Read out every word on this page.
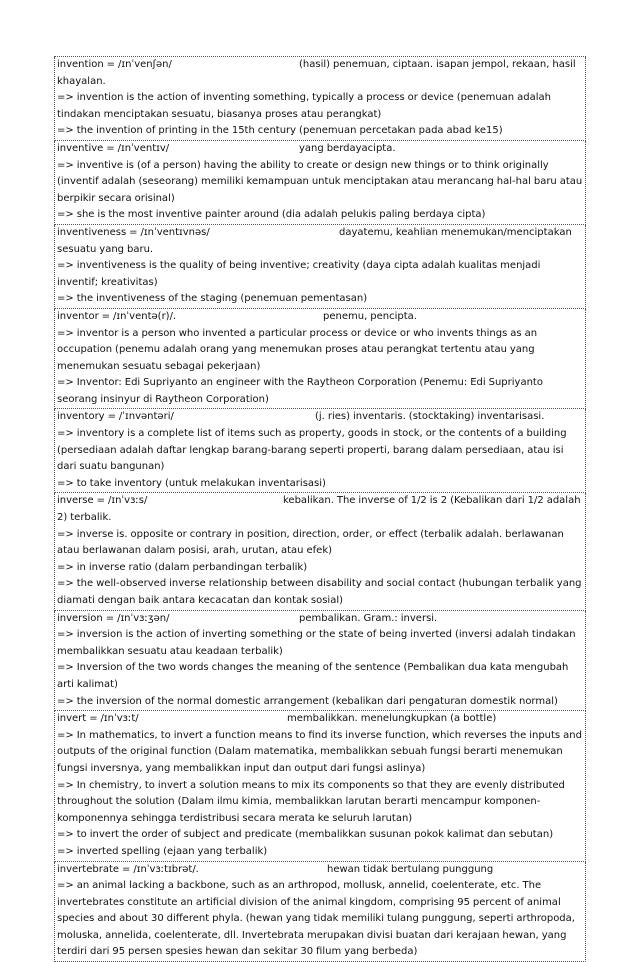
invention = /ɪnˈvenʃən/	(hasil) penemuan, ciptaan. isapan jempol, rekaan, hasil khayalan.
=> invention is the action of inventing something, typically a process or device (penemuan adalah tindakan menciptakan sesuatu, biasanya proses atau perangkat)
=> the invention of printing in the 15th century (penemuan percetakan pada abad ke15)
inventive = /ɪnˈventɪv/	yang berdayacipta.
=> inventive is (of a person) having the ability to create or design new things or to think originally (inventif adalah (seseorang) memiliki kemampuan untuk menciptakan atau merancang hal-hal baru atau berpikir secara orisinal)
=> she is the most inventive painter around (dia adalah pelukis paling berdaya cipta)
inventiveness = /ɪnˈventɪvnəs/	dayatemu, keahlian menemukan/menciptakan sesuatu yang baru.
=> inventiveness is the quality of being inventive; creativity (daya cipta adalah kualitas menjadi inventif; kreativitas)
=> the inventiveness of the staging (penemuan pementasan)
inventor = /ɪnˈventə(r)/.	penemu, pencipta.
=> inventor is a person who invented a particular process or device or who invents things as an occupation (penemu adalah orang yang menemukan proses atau perangkat tertentu atau yang menemukan sesuatu sebagai pekerjaan)
=> Inventor: Edi Supriyanto an engineer with the Raytheon Corporation (Penemu: Edi Supriyanto seorang insinyur di Raytheon Corporation)
inventory = /ˈɪnvəntəri/	(j. ries) inventaris. (stocktaking) inventarisasi.
=> inventory is a complete list of items such as property, goods in stock, or the contents of a building (persediaan adalah daftar lengkap barang-barang seperti properti, barang dalam persediaan, atau isi dari suatu bangunan)
=> to take inventory (untuk melakukan inventarisasi)
inverse = /ɪnˈvɜːs/	kebalikan. The inverse of 1/2 is 2 (Kebalikan dari 1/2 adalah 2) terbalik.
=> inverse is. opposite or contrary in position, direction, order, or effect (terbalik adalah. berlawanan atau berlawanan dalam posisi, arah, urutan, atau efek)
=> in inverse ratio (dalam perbandingan terbalik)
=> the well-observed inverse relationship between disability and social contact (hubungan terbalik yang diamati dengan baik antara kecacatan dan kontak sosial)
inversion = /ɪnˈvɜːʒən/	pembalikan. Gram.: inversi.
=> inversion is the action of inverting something or the state of being inverted (inversi adalah tindakan membalikkan sesuatu atau keadaan terbalik)
=> Inversion of the two words changes the meaning of the sentence (Pembalikan dua kata mengubah arti kalimat)
=> the inversion of the normal domestic arrangement (kebalikan dari pengaturan domestik normal)
invert = /ɪnˈvɜːt/	membalikkan. menelungkupkan (a bottle)
=> In mathematics, to invert a function means to find its inverse function, which reverses the inputs and outputs of the original function (Dalam matematika, membalikkan sebuah fungsi berarti menemukan fungsi inversnya, yang membalikkan input dan output dari fungsi aslinya)
=> In chemistry, to invert a solution means to mix its components so that they are evenly distributed throughout the solution (Dalam ilmu kimia, membalikkan larutan berarti mencampur komponen-komponennya sehingga terdistribusi secara merata ke seluruh larutan)
=> to invert the order of subject and predicate (membalikkan susunan pokok kalimat dan sebutan)
=> inverted spelling (ejaan yang terbalik)
invertebrate = /ɪnˈvɜːtɪbrət/.	hewan tidak bertulang punggung
=> an animal lacking a backbone, such as an arthropod, mollusk, annelid, coelenterate, etc. The invertebrates constitute an artificial division of the animal kingdom, comprising 95 percent of animal species and about 30 different phyla. (hewan yang tidak memiliki tulang punggung, seperti arthropoda, moluska, annelida, coelenterate, dll. Invertebrata merupakan divisi buatan dari kerajaan hewan, yang terdiri dari 95 persen spesies hewan dan sekitar 30 filum yang berbeda)
